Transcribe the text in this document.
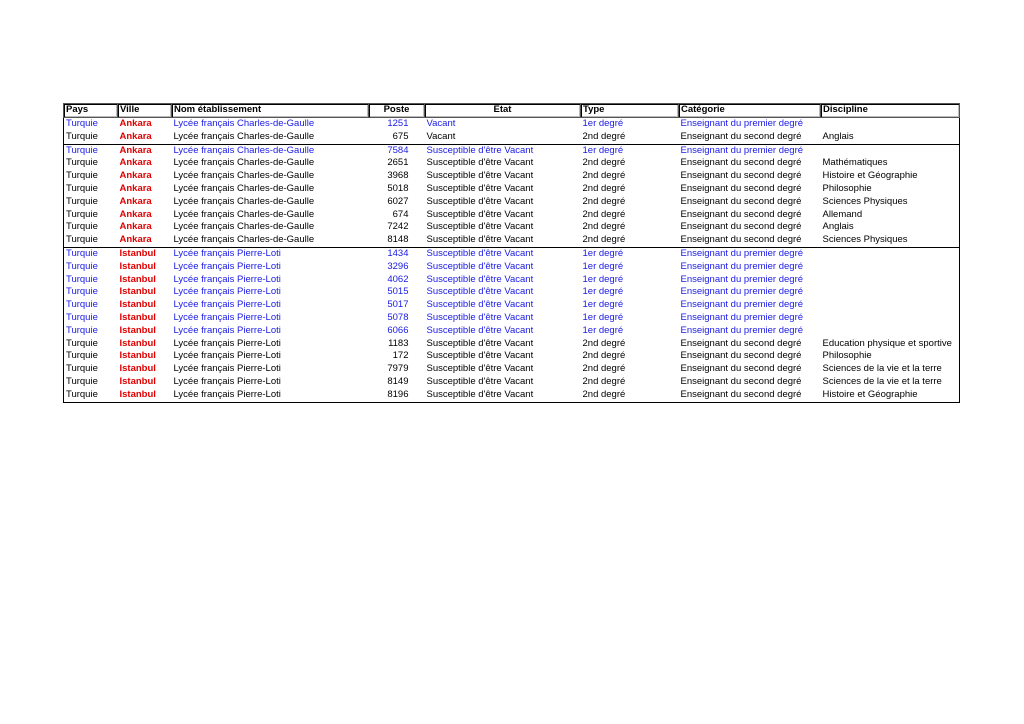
Pays	Ville	Nom établissement	Poste	Etat	Type	Catégorie	Discipline
Turquie	Ankara	Lycée français Charles-de-Gaulle	1251	Vacant	1er degré	Enseignant du premier degré	
Turquie	Ankara	Lycée français Charles-de-Gaulle	675	Vacant	2nd degré	Enseignant du second degré	Anglais
Turquie	Ankara	Lycée français Charles-de-Gaulle	7584	Susceptible d'être Vacant	1er degré	Enseignant du premier degré	
Turquie	Ankara	Lycée français Charles-de-Gaulle	2651	Susceptible d'être Vacant	2nd degré	Enseignant du second degré	Mathématiques
Turquie	Ankara	Lycée français Charles-de-Gaulle	3968	Susceptible d'être Vacant	2nd degré	Enseignant du second degré	Histoire et Géographie
Turquie	Ankara	Lycée français Charles-de-Gaulle	5018	Susceptible d'être Vacant	2nd degré	Enseignant du second degré	Philosophie
Turquie	Ankara	Lycée français Charles-de-Gaulle	6027	Susceptible d'être Vacant	2nd degré	Enseignant du second degré	Sciences Physiques
Turquie	Ankara	Lycée français Charles-de-Gaulle	674	Susceptible d'être Vacant	2nd degré	Enseignant du second degré	Allemand
Turquie	Ankara	Lycée français Charles-de-Gaulle	7242	Susceptible d'être Vacant	2nd degré	Enseignant du second degré	Anglais
Turquie	Ankara	Lycée français Charles-de-Gaulle	8148	Susceptible d'être Vacant	2nd degré	Enseignant du second degré	Sciences Physiques
Turquie	Istanbul	Lycée français Pierre-Loti	1434	Susceptible d'être Vacant	1er degré	Enseignant du premier degré	
Turquie	Istanbul	Lycée français Pierre-Loti	3296	Susceptible d'être Vacant	1er degré	Enseignant du premier degré	
Turquie	Istanbul	Lycée français Pierre-Loti	4062	Susceptible d'être Vacant	1er degré	Enseignant du premier degré	
Turquie	Istanbul	Lycée français Pierre-Loti	5015	Susceptible d'être Vacant	1er degré	Enseignant du premier degré	
Turquie	Istanbul	Lycée français Pierre-Loti	5017	Susceptible d'être Vacant	1er degré	Enseignant du premier degré	
Turquie	Istanbul	Lycée français Pierre-Loti	5078	Susceptible d'être Vacant	1er degré	Enseignant du premier degré	
Turquie	Istanbul	Lycée français Pierre-Loti	6066	Susceptible d'être Vacant	1er degré	Enseignant du premier degré	
Turquie	Istanbul	Lycée français Pierre-Loti	1183	Susceptible d'être Vacant	2nd degré	Enseignant du second degré	Education physique et sportive
Turquie	Istanbul	Lycée français Pierre-Loti	172	Susceptible d'être Vacant	2nd degré	Enseignant du second degré	Philosophie
Turquie	Istanbul	Lycée français Pierre-Loti	7979	Susceptible d'être Vacant	2nd degré	Enseignant du second degré	Sciences de la vie et la terre
Turquie	Istanbul	Lycée français Pierre-Loti	8149	Susceptible d'être Vacant	2nd degré	Enseignant du second degré	Sciences de la vie et la terre
Turquie	Istanbul	Lycée français Pierre-Loti	8196	Susceptible d'être Vacant	2nd degré	Enseignant du second degré	Histoire et Géographie
